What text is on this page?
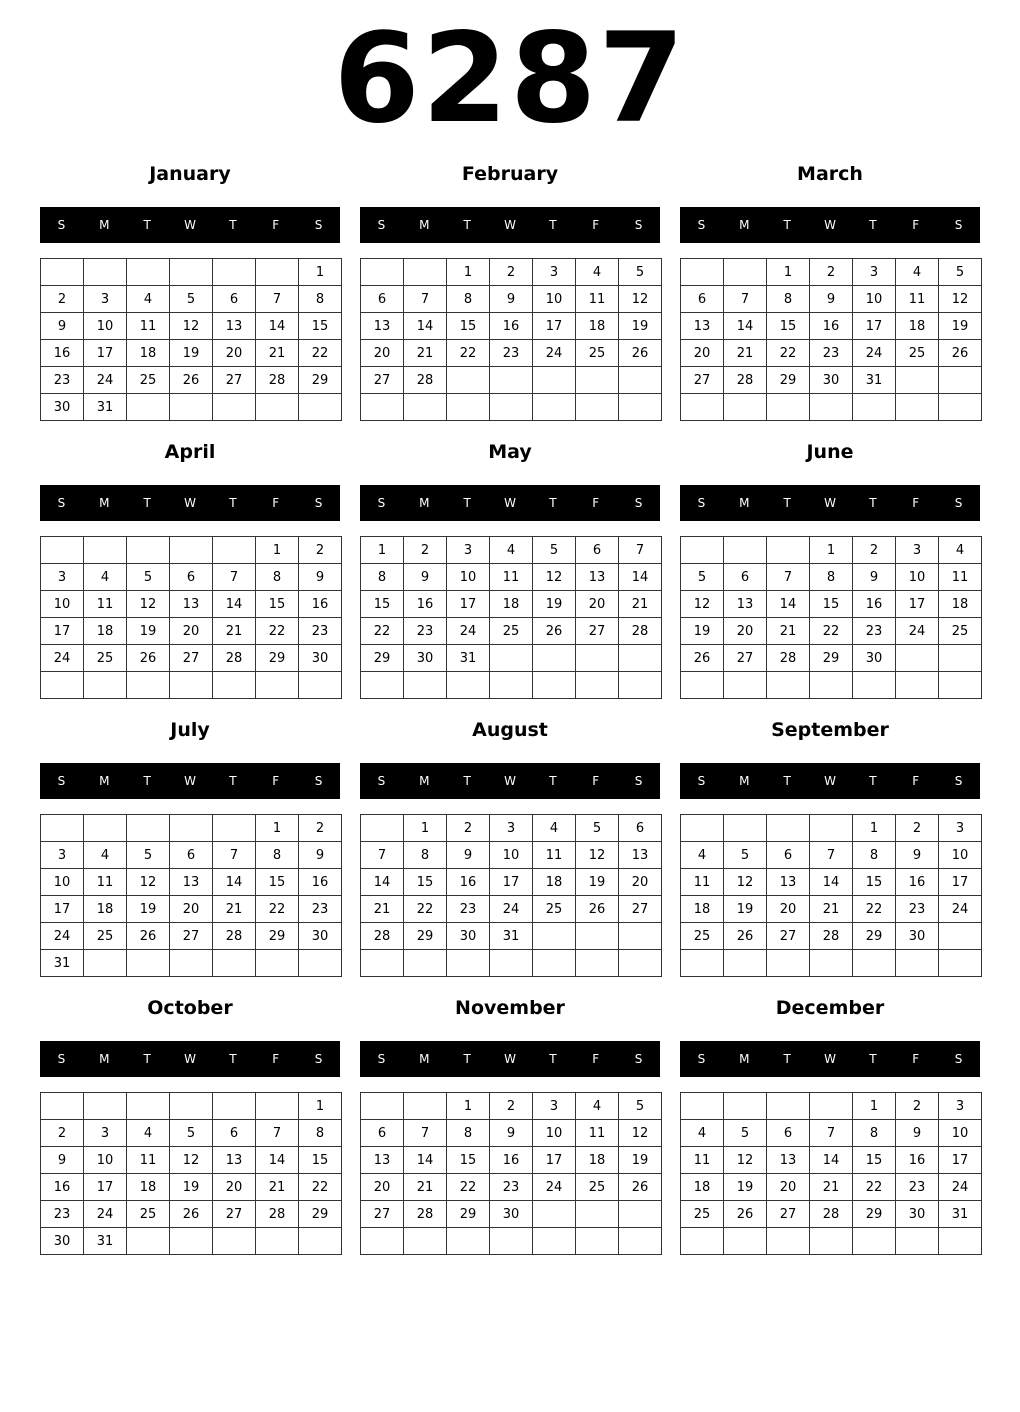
6287
January
S	M	T	W	T	F	S
						1
2	3	4	5	6	7	8
9	10	11	12	13	14	15
16	17	18	19	20	21	22
23	24	25	26	27	28	29
30	31					
February
S	M	T	W	T	F	S
		1	2	3	4	5
6	7	8	9	10	11	12
13	14	15	16	17	18	19
20	21	22	23	24	25	26
27	28					

March
S	M	T	W	T	F	S
		1	2	3	4	5
6	7	8	9	10	11	12
13	14	15	16	17	18	19
20	21	22	23	24	25	26
27	28	29	30	31		

April
S	M	T	W	T	F	S
					1	2
3	4	5	6	7	8	9
10	11	12	13	14	15	16
17	18	19	20	21	22	23
24	25	26	27	28	29	30

May
S	M	T	W	T	F	S
1	2	3	4	5	6	7
8	9	10	11	12	13	14
15	16	17	18	19	20	21
22	23	24	25	26	27	28
29	30	31				

June
S	M	T	W	T	F	S
			1	2	3	4
5	6	7	8	9	10	11
12	13	14	15	16	17	18
19	20	21	22	23	24	25
26	27	28	29	30		

July
S	M	T	W	T	F	S
					1	2
3	4	5	6	7	8	9
10	11	12	13	14	15	16
17	18	19	20	21	22	23
24	25	26	27	28	29	30
31						
August
S	M	T	W	T	F	S
	1	2	3	4	5	6
7	8	9	10	11	12	13
14	15	16	17	18	19	20
21	22	23	24	25	26	27
28	29	30	31			

September
S	M	T	W	T	F	S
				1	2	3
4	5	6	7	8	9	10
11	12	13	14	15	16	17
18	19	20	21	22	23	24
25	26	27	28	29	30	

October
S	M	T	W	T	F	S
						1
2	3	4	5	6	7	8
9	10	11	12	13	14	15
16	17	18	19	20	21	22
23	24	25	26	27	28	29
30	31					
November
S	M	T	W	T	F	S
		1	2	3	4	5
6	7	8	9	10	11	12
13	14	15	16	17	18	19
20	21	22	23	24	25	26
27	28	29	30			

December
S	M	T	W	T	F	S
				1	2	3
4	5	6	7	8	9	10
11	12	13	14	15	16	17
18	19	20	21	22	23	24
25	26	27	28	29	30	31
